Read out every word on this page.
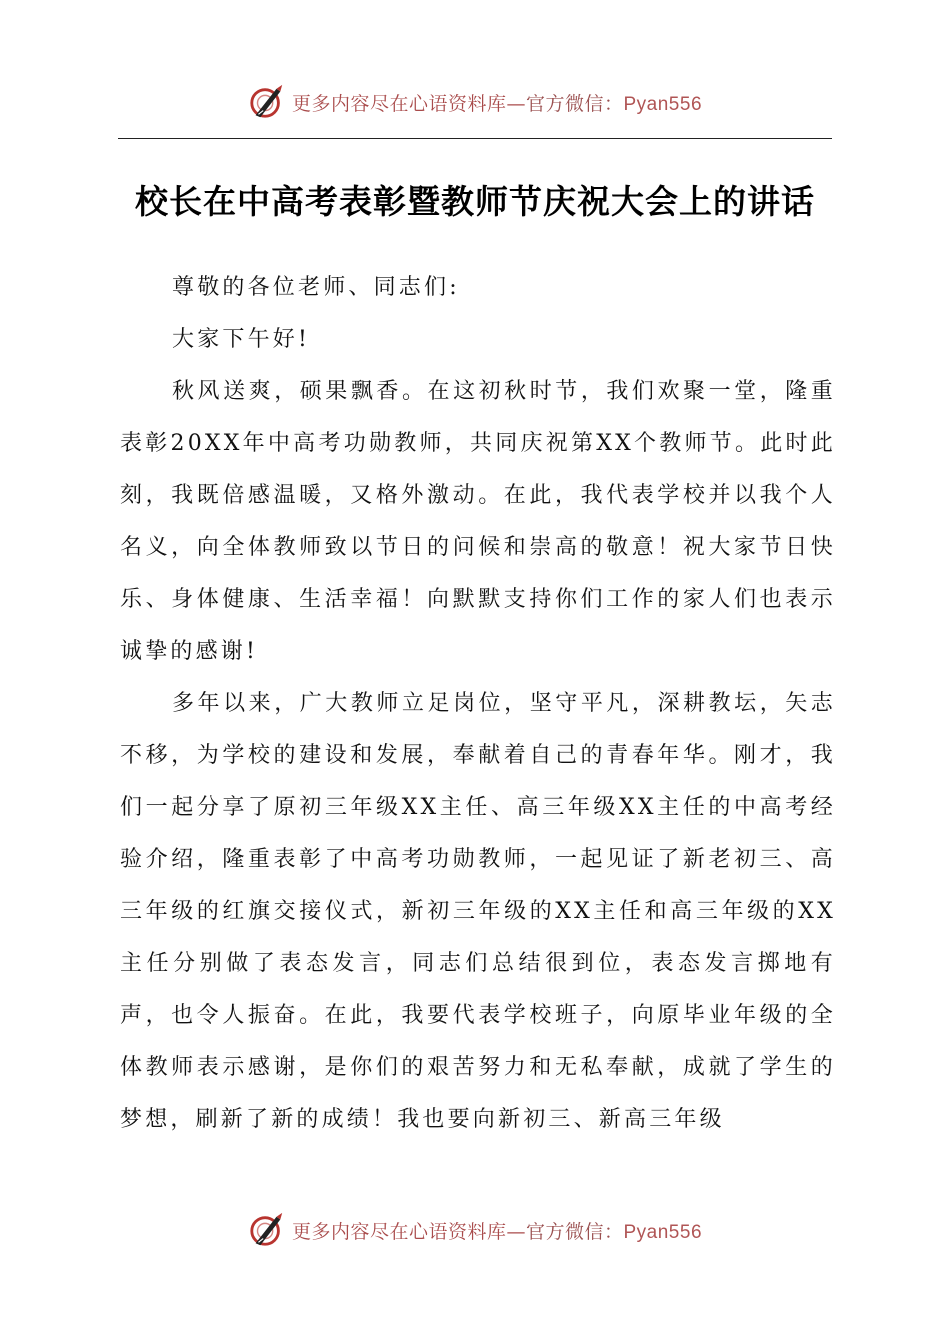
更多内容尽在心语资料库—官方微信：Pyan556
校长在中高考表彰暨教师节庆祝大会上的讲话

尊敬的各位老师、同志们:

大家下午好!

秋风送爽，硕果飘香。在这初秋时节，我们欢聚一堂，隆重表彰20XX年中高考功勋教师，共同庆祝第XX个教师节。此时此刻，我既倍感温暖，又格外激动。在此，我代表学校并以我个人名义，向全体教师致以节日的问候和崇高的敬意！祝大家节日快乐、身体健康、生活幸福！向默默支持你们工作的家人们也表示诚挚的感谢!

多年以来，广大教师立足岗位，坚守平凡，深耕教坛，矢志不移，为学校的建设和发展，奉献着自己的青春年华。刚才，我们一起分享了原初三年级XX主任、高三年级XX主任的中高考经验介绍，隆重表彰了中高考功勋教师，一起见证了新老初三、高三年级的红旗交接仪式，新初三年级的XX主任和高三年级的XX主任分别做了表态发言，同志们总结很到位，表态发言掷地有声，也令人振奋。在此，我要代表学校班子，向原毕业年级的全体教师表示感谢，是你们的艰苦努力和无私奉献，成就了学生的梦想，刷新了新的成绩！我也要向新初三、新高三年级

更多内容尽在心语资料库—官方微信：Pyan556
